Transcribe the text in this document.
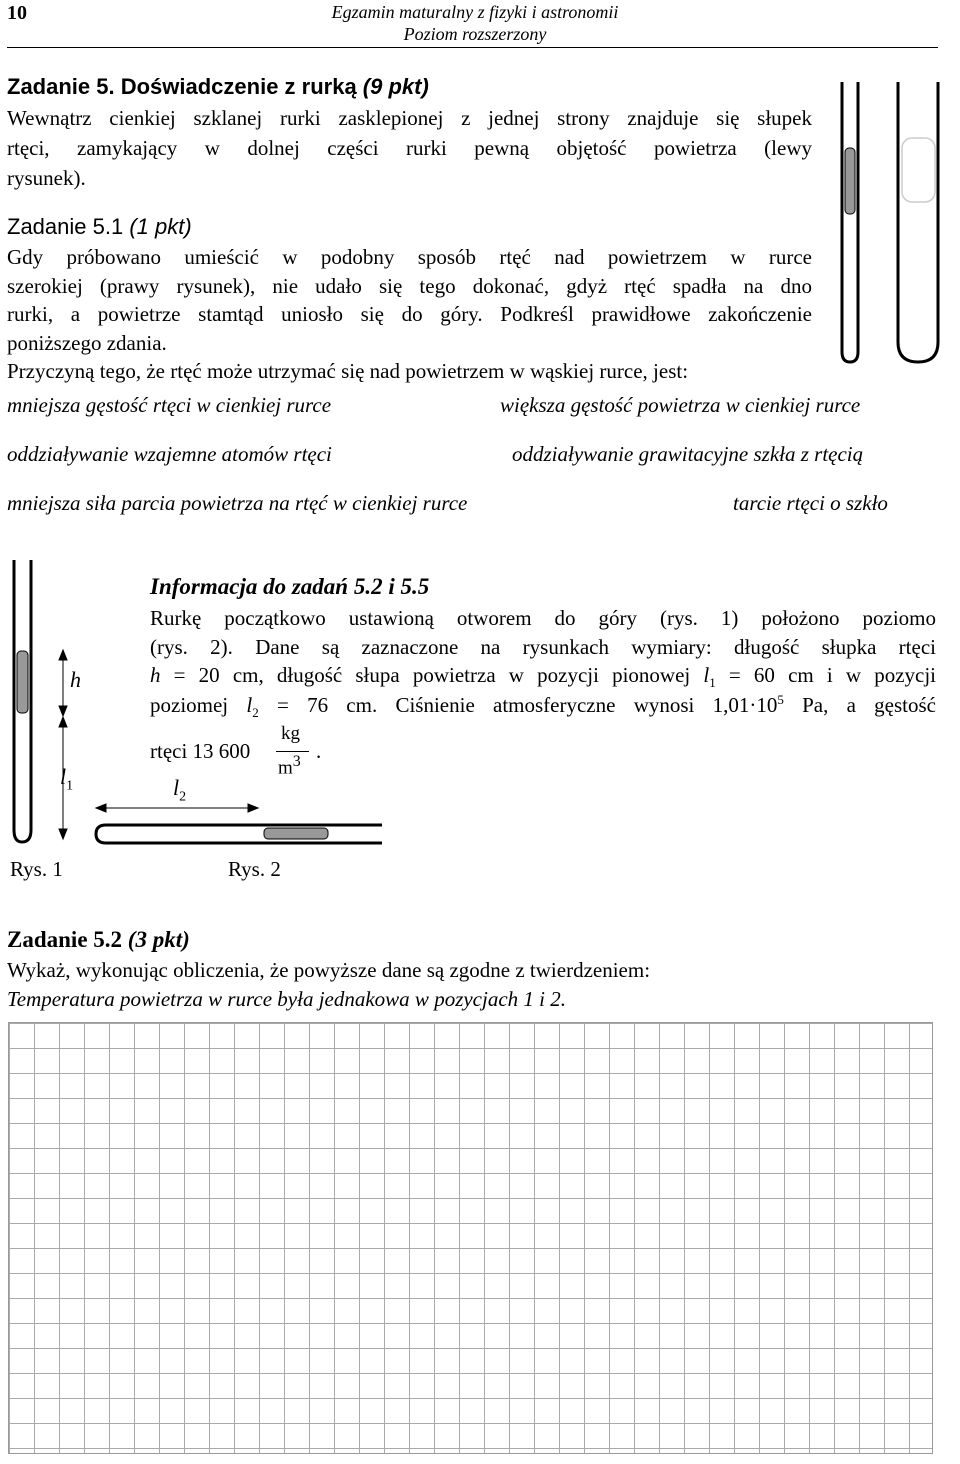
10	Egzamin maturalny z fizyki i astronomii
Poziom rozszerzony
Zadanie 5. Doświadczenie z rurką (9 pkt)
Wewnątrz cienkiej szklanej rurki zasklepionej z jednej strony znajduje się słupek
rtęci, zamykający w dolnej części rurki pewną objętość powietrza (lewy
rysunek).
Zadanie 5.1 (1 pkt)
Gdy próbowano umieścić w podobny sposób rtęć nad powietrzem w rurce
szerokiej (prawy rysunek), nie udało się tego dokonać, gdyż rtęć spadła na dno
rurki, a powietrze stamtąd uniosło się do góry. Podkreśl prawidłowe zakończenie
poniższego zdania.
Przyczyną tego, że rtęć może utrzymać się nad powietrzem w wąskiej rurce, jest:
mniejsza gęstość rtęci w cienkiej rurce	większa gęstość powietrza w cienkiej rurce
oddziaływanie wzajemne atomów rtęci	oddziaływanie grawitacyjne szkła z rtęcią
mniejsza siła parcia powietrza na rtęć w cienkiej rurce	tarcie rtęci o szkło
h
$l_1$	$l_2$
Rys. 1	Rys. 2
Informacja do zadań 5.2 i 5.5
Rurkę początkowo ustawioną otworem do góry (rys. 1) położono poziomo
(rys. 2). Dane są zaznaczone na rysunkach wymiary: długość słupka rtęci
h = 20 cm, długość słupa powietrza w pozycji pionowej $l_1 = 60$ cm i w pozycji
poziomej $l_2 = 76$ cm. Ciśnienie atmosferyczne wynosi $1,01\cdot 10^5$ Pa, a gęstość
rtęci 13 600
kg
$m^3$ .
Zadanie 5.2 (3 pkt)
Wykaż, wykonując obliczenia, że powyższe dane są zgodne z twierdzeniem:
Temperatura powietrza w rurce była jednakowa w pozycjach 1 i 2.
